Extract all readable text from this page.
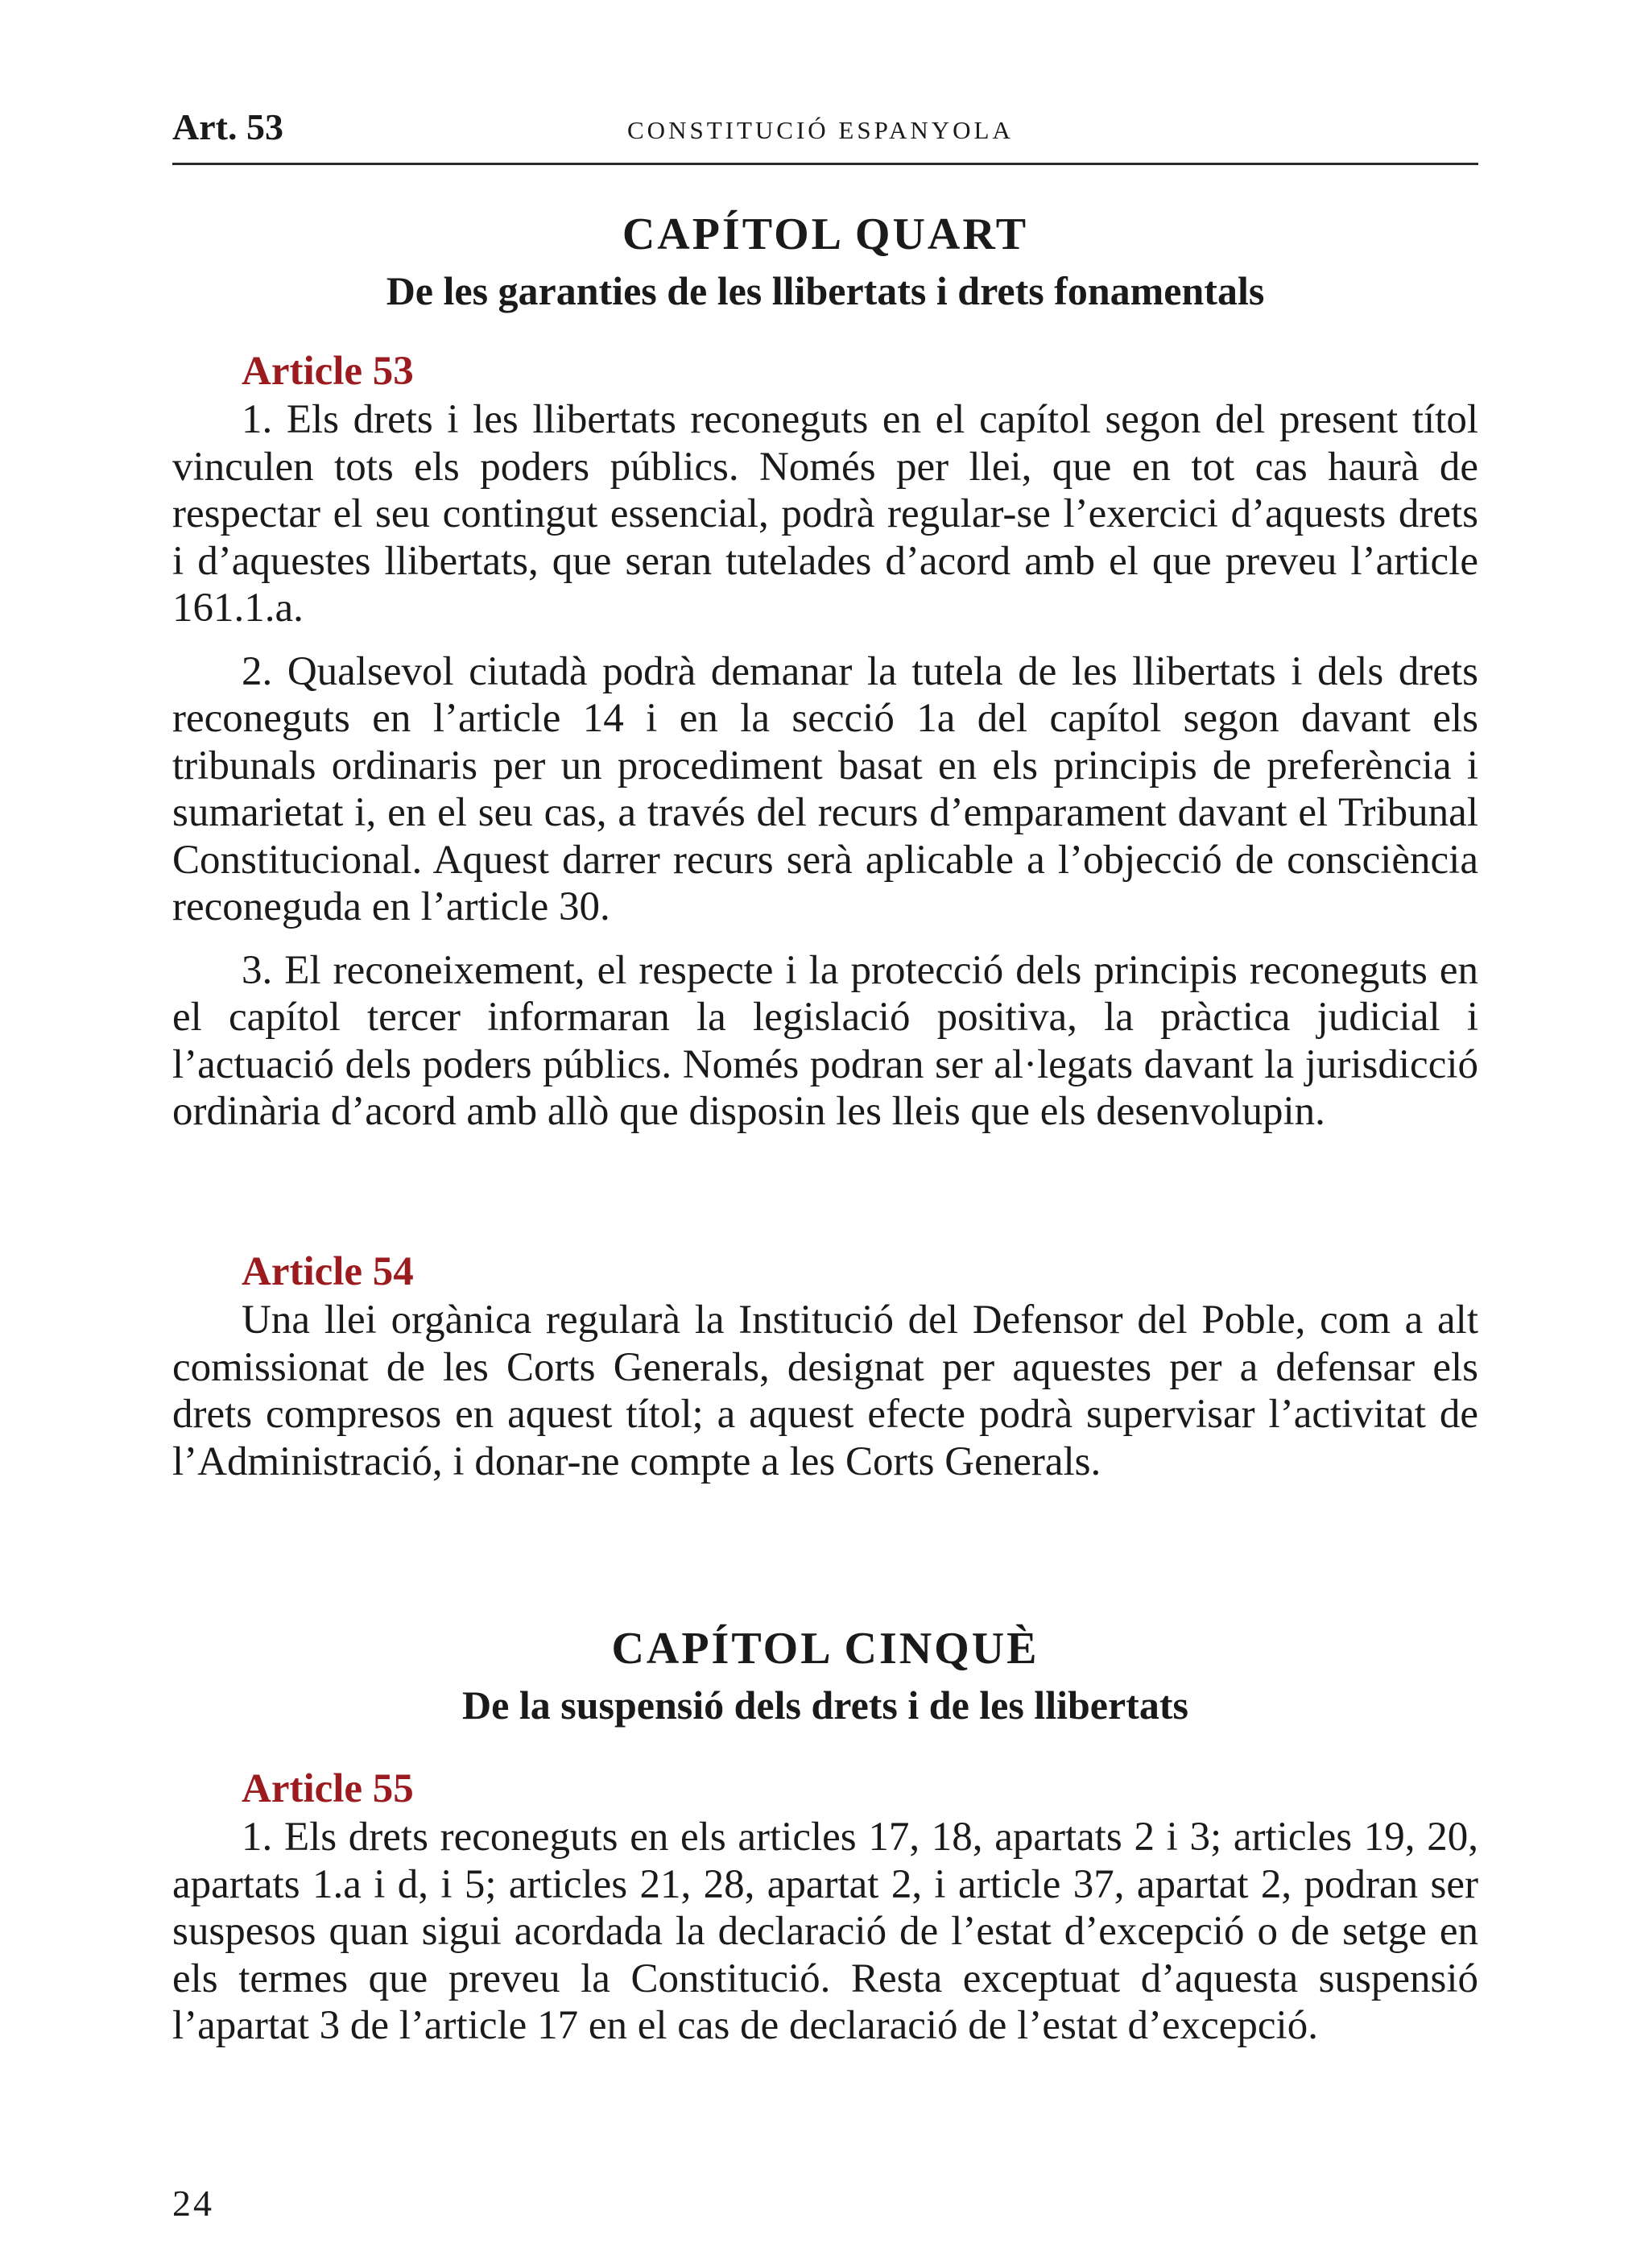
Art. 53	CONSTITUCIÓ ESPANYOLA
CAPÍTOL QUART
De les garanties de les llibertats i drets fonamentals
Article 53

1. Els drets i les llibertats reconeguts en el capítol segon del present títol vinculen tots els poders públics. Només per llei, que en tot cas haurà de respectar el seu contingut essencial, podrà regular-se l’exercici d’aquests drets i d’aquestes llibertats, que seran tutelades d’acord amb el que preveu l’article 161.1.a.

2. Qualsevol ciutadà podrà demanar la tutela de les llibertats i dels drets reconeguts en l’article 14 i en la secció 1a del capítol segon davant els tribunals ordinaris per un procediment basat en els principis de preferència i sumarietat i, en el seu cas, a través del recurs d’emparament davant el Tribunal Constitucional. Aquest darrer recurs serà aplicable a l’objecció de consciència reconeguda en l’article 30.

3. El reconeixement, el respecte i la protecció dels principis reconeguts en el capítol tercer informaran la legislació positiva, la pràctica judicial i l’actuació dels poders públics. Només podran ser al·legats davant la jurisdicció ordinària d’acord amb allò que disposin les lleis que els desenvolupin.

Article 54

Una llei orgànica regularà la Institució del Defensor del Poble, com a alt comissionat de les Corts Generals, designat per aquestes per a defensar els drets compresos en aquest títol; a aquest efecte podrà supervisar l’activitat de l’Administració, i donar-ne compte a les Corts Generals.

CAPÍTOL CINQUÈ
De la suspensió dels drets i de les llibertats
Article 55

1. Els drets reconeguts en els articles 17, 18, apartats 2 i 3; articles 19, 20, apartats 1.a i d, i 5; articles 21, 28, apartat 2, i article 37, apartat 2, podran ser suspesos quan sigui acordada la declaració de l’estat d’excepció o de setge en els termes que preveu la Constitució. Resta exceptuat d’aquesta suspensió l’apartat 3 de l’article 17 en el cas de declaració de l’estat d’excepció.

24
